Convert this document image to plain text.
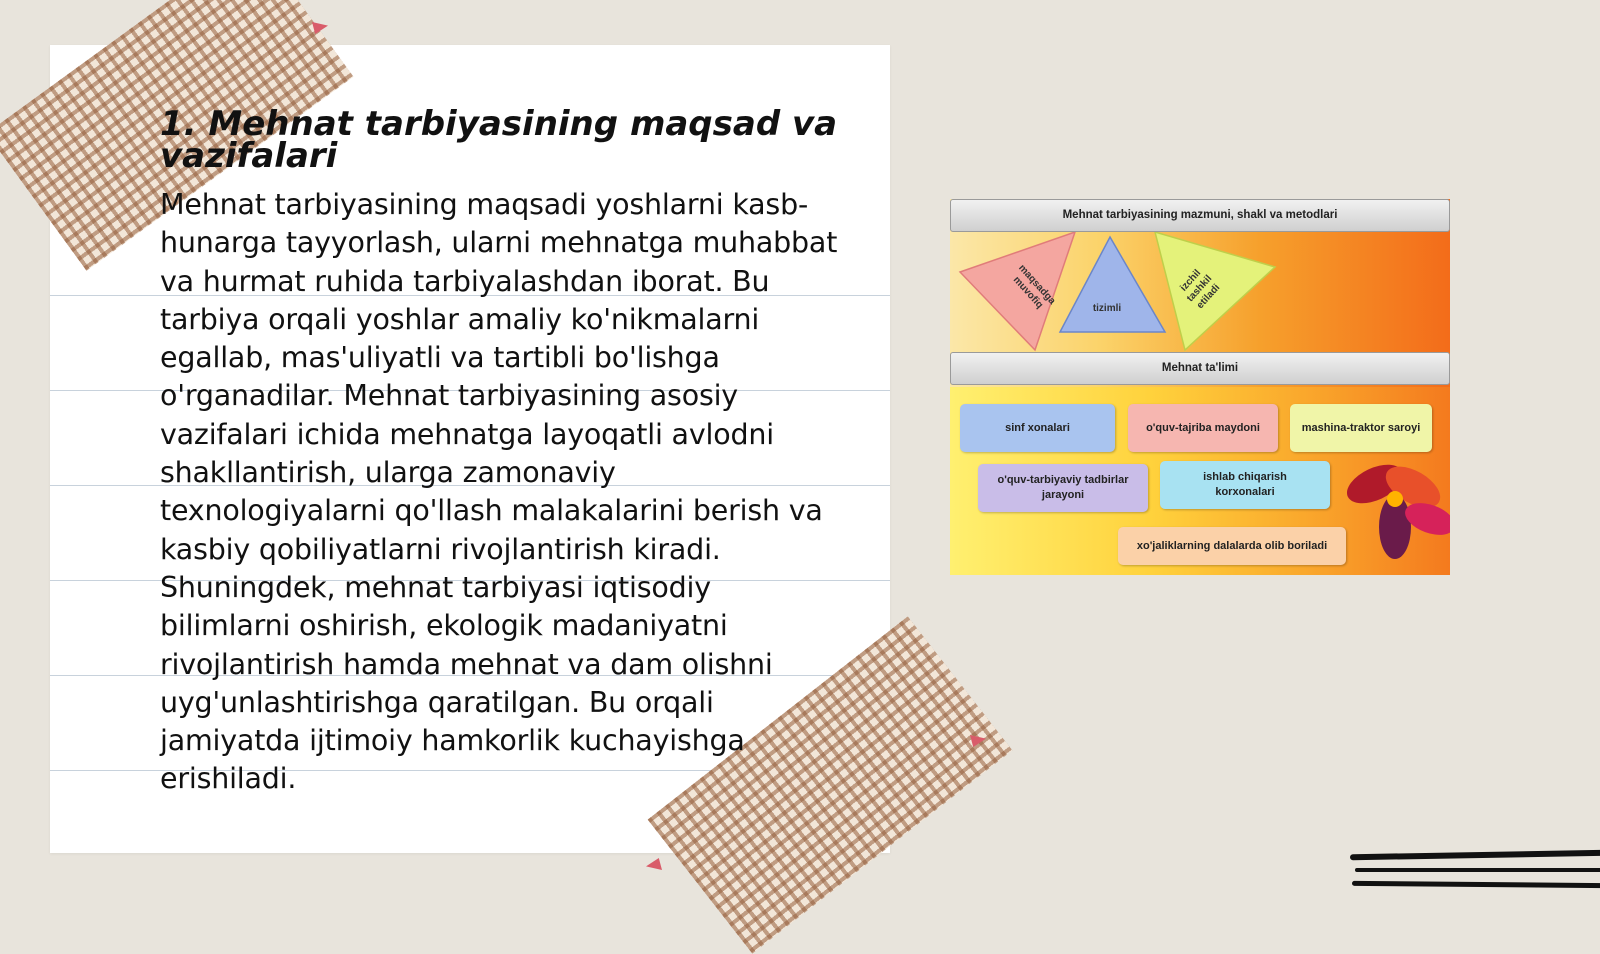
1. Mehnat tarbiyasining maqsad va vazifalari

Mehnat tarbiyasining maqsadi yoshlarni kasb-hunarga tayyorlash, ularni mehnatga muhabbat va hurmat ruhida tarbiyalashdan iborat. Bu tarbiya orqali yoshlar amaliy ko'nikmalarni egallab, mas'uliyatli va tartibli bo'lishga o'rganadilar. Mehnat tarbiyasining asosiy vazifalari ichida mehnatga layoqatli avlodni shakllantirish, ularga zamonaviy texnologiyalarni qo'llash malakalarini berish va kasbiy qobiliyatlarni rivojlantirish kiradi. Shuningdek, mehnat tarbiyasi iqtisodiy bilimlarni oshirish, ekologik madaniyatni rivojlantirish hamda mehnat va dam olishni uyg'unlashtirishga qaratilgan. Bu orqali jamiyatda ijtimoiy hamkorlik kuchayishga erishiladi.

Mehnat tarbiyasining mazmuni, shakl va metodlari
maqsadga muvofiq	tizimli
izchil tashkil etiladi
Mehnat ta'limi
sinf xonalari	o'quv-tajriba maydoni	mashina-traktor saroyi
o'quv-tarbiyaviy tadbirlar jarayoni
ishlab chiqarish korxonalari
xo'jaliklarning dalalarda olib boriladi
